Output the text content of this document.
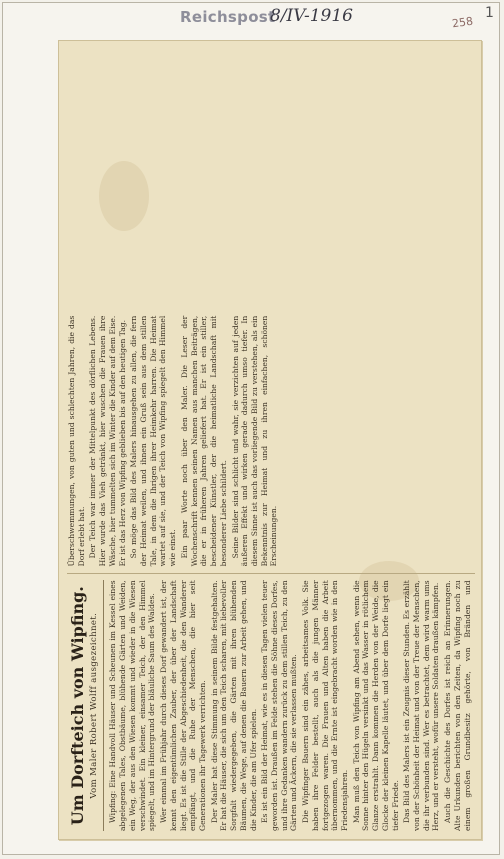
Reichspost
8/IV-1916	258
1
Um Dorfteich von Wipfing. Vom Maler Robert Wolff ausgezeichnet. Wipfing: Eine Handvoll Häuser und Scheunen im Kessel eines abgelegenen Tales, Obstbäume, blühende Gärten und Weiden, ein Weg, der aus den Wiesen kommt und wieder in die Wiesen verschwindet. Ein kleiner, einsamer Teich, der den Himmel spiegelt, und im Hintergrund der bläuliche Saum des Waldes. Wer einmal im Frühjahr durch dieses Dorf gewandert ist, der kennt den eigentümlichen Zauber, der über der Landschaft liegt. Es ist die Stille der Abgeschiedenheit, die den Wanderer empfängt, und die Ruhe der Menschen, die hier seit Generationen ihr Tagewerk verrichten. Der Maler hat diese Stimmung in seinem Bilde festgehalten. Er hat die Häuser, die sich um den Teich scharen, mit liebevoller Sorgfalt wiedergegeben, die Gärten mit ihren blühenden Bäumen, die Wege, auf denen die Bauern zur Arbeit gehen, und die Kinder, die am Ufer spielen. Es ist ein Bild der Heimat, wie es in diesen Tagen vielen teuer geworden ist. Draußen im Felde stehen die Söhne dieses Dorfes, und ihre Gedanken wandern zurück zu dem stillen Teich, zu den Gärten und Äckern, die sie verlassen mußten. Die Wipfinger Bauern sind ein zähes, arbeitsames Volk. Sie haben ihre Felder bestellt, auch als die jungen Männer fortgezogen waren. Die Frauen und Alten haben die Arbeit übernommen, und die Ernte ist eingebracht worden wie in den Friedensjahren. Man muß den Teich von Wipfing am Abend sehen, wenn die Sonne hinter den Hügeln versinkt und das Wasser in rötlichem Glanze erstrahlt. Dann kommen die Herden von der Weide, die Glocke der kleinen Kapelle läutet, und über dem Dorfe liegt ein tiefer Friede. Das Bild des Malers ist ein Zeugnis dieser Stunden. Es erzählt von der Schönheit der Heimat und von der Treue der Menschen, die ihr verbunden sind. Wer es betrachtet, dem wird warm ums Herz, und er versteht, wofür unsere Soldaten draußen kämpfen. Auch die Geschichte des Dorfes ist reich an Erinnerungen. Alte Urkunden berichten von den Zeiten, da Wipfing noch zu einem großen Grundbesitz gehörte, von Bränden und Überschwemmungen, von guten und schlechten Jahren, die das Dorf erlebt hat. Der Teich war immer der Mittelpunkt des dörflichen Lebens. Hier wurde das Vieh getränkt, hier wuschen die Frauen ihre Wäsche, hier tummelten sich im Winter die Kinder auf dem Eise. Er ist das Herz von Wipfing geblieben bis auf den heutigen Tag. So möge das Bild des Malers hinausgehen zu allen, die fern der Heimat weilen, und ihnen ein Gruß sein aus dem stillen Tale, in dem die Ihrigen ihrer Heimkehr harren. Die Heimat wartet auf sie, und der Teich von Wipfing spiegelt den Himmel wie einst. Ein paar Worte noch über den Maler. Die Leser der Wochenschrift kennen seinen Namen aus manchen Beiträgen, die er in früheren Jahren geliefert hat. Er ist ein stiller, bescheidener Künstler, der die heimatliche Landschaft mit besonderer Liebe schildert. Seine Bilder sind schlicht und wahr, sie verzichten auf jeden äußeren Effekt und wirken gerade dadurch umso tiefer. In diesem Sinne ist auch das vorliegende Bild zu verstehen, als ein Bekenntnis zur Heimat und zu ihren einfachen, schönen Erscheinungen.
